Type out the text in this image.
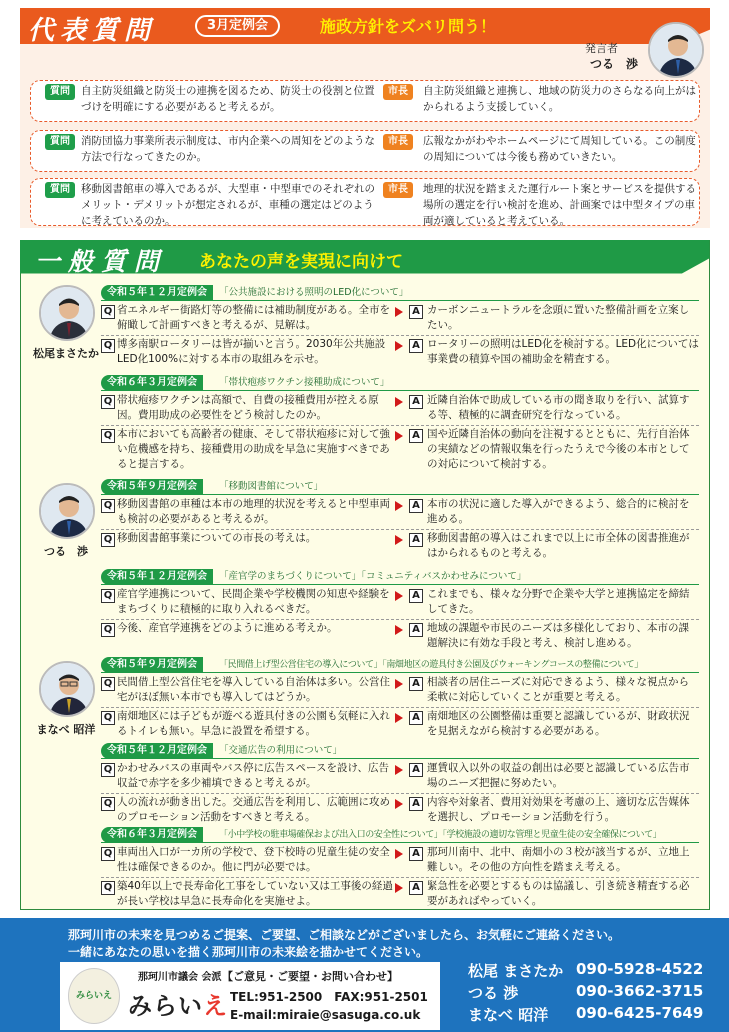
代表質問	3月定例会	施政方針をズバリ問う！
発言者
つる　渉
質問	自主防災組織と防災士の連携を図るため、防災士の役割と位置づけを明確にする必要があると考えるが。
市長	自主防災組織と連携し、地域の防災力のさらなる向上がはかられるよう支援していく。
質問	消防団協力事業所表示制度は、市内企業への周知をどのような方法で行なってきたのか。
市長	広報なかがわやホームページにて周知している。この制度の周知については今後も務めていきたい。
質問	移動図書館車の導入であるが、大型車・中型車でのそれぞれのメリット・デメリットが想定されるが、車種の選定はどのように考えているのか。
市長	地理的状況を踏まえた運行ルート案とサービスを提供する場所の選定を行い検討を進め、計画案では中型タイプの車両が適していると考えている。
一般質問 あなたの声を実現に向けて
松尾まさたか
令和５年１２月定例会	「公共施設における照明のLED化について」
Q 省エネルギー街路灯等の整備には補助制度がある。全市を俯瞰して計画すべきと考えるが、見解は。
A カーボンニュートラルを念頭に置いた整備計画を立案したい。
Q 博多南駅ロータリーは皆が揃いと言う。2030年公共施設LED化100%に対する本市の取組みを示せ。
A ロータリーの照明はLED化を検討する。LED化については事業費の積算や国の補助金を精査する。
令和６年３月定例会	「帯状疱疹ワクチン接種助成について」
Q 帯状疱疹ワクチンは高額で、自費の接種費用が控える原因。費用助成の必要性をどう検討したのか。
A 近隣自治体で助成している市の聞き取りを行い、試算する等、積極的に調査研究を行なっている。
Q 本市においても高齢者の健康、そして帯状疱疹に対して強い危機感を持ち、接種費用の助成を早急に実施すべきであると提言する。
A 国や近隣自治体の動向を注視するとともに、先行自治体の実績などの情報収集を行ったうえで今後の本市としての対応について検討する。
つる　渉
令和５年９月定例会	「移動図書館について」
Q 移動図書館の車種は本市の地理的状況を考えると中型車両も検討の必要があると考えるが。
A 本市の状況に適した導入ができるよう、総合的に検討を進める。
Q 移動図書館事業についての市長の考えは。	A 移動図書館の導入はこれまで以上に市全体の図書推進がはかられるものと考える。
令和５年１２月定例会	「産官学のまちづくりについて」「コミュニティバスかわせみについて」
Q 産官学連携について、民間企業や学校機関の知恵や経験をまちづくりに積極的に取り入れるべきだ。
A これまでも、様々な分野で企業や大学と連携協定を締結してきた。
Q 今後、産官学連携をどのように進める考えか。	A 地域の課題や市民のニーズは多様化しており、本市の課題解決に有効な手段と考え、検討し進める。
まなべ 昭洋
令和５年９月定例会	「民間借上げ型公営住宅の導入について」「南畑地区の遊具付き公園及びウォーキングコースの整備について」
Q 民間借上型公営住宅を導入している自治体は多い。公営住宅がほぼ無い本市でも導入してはどうか。
A 相談者の居住ニーズに対応できるよう、様々な視点から柔軟に対応していくことが重要と考える。
Q 南畑地区には子どもが遊べる遊具付きの公園も気軽に入れるトイレも無い。早急に設置を希望する。
A 南畑地区の公園整備は重要と認識しているが、財政状況を見据えながら検討する必要がある。
令和５年１２月定例会	「交通広告の利用について」
Q かわせみバスの車両やバス停に広告スペースを設け、広告収益で赤字を多少補填できると考えるが。
A 運賃収入以外の収益の創出は必要と認識している広告市場のニーズ把握に努めたい。
Q 人の流れが動き出した。交通広告を利用し、広範囲に攻めのプロモーション活動をすべきと考える。
A 内容や対象者、費用対効果を考慮の上、適切な広告媒体を選択し、プロモーション活動を行う。
令和６年３月定例会	「小中学校の駐車場確保および出入口の安全性について」「学校施設の適切な管理と児童生徒の安全確保について」
Q 車両出入口が一カ所の学校で、登下校時の児童生徒の安全性は確保できるのか。他に門が必要では。
A 那珂川南中、北中、南畑小の３校が該当するが、立地上難しい。その他の方向性を踏まえ考える。
Q 築40年以上で長寿命化工事をしていない又は工事後の経過が長い学校は早急に長寿命化を実施せよ。
A 緊急性を必要とするものは協議し、引き続き精査する必要があればやっていく。
那珂川市の未来を見つめるご提案、ご要望、ご相談などがございましたら、お気軽にご連絡ください。
一緒にあなたの思いを描く那珂川市の未来絵を描かせてください。
みらいえ
那珂川市議会 会派
みらいえ
【ご意見・ご要望・お問い合わせ】
TEL:951-2500　FAX:951-2501
E-mail:miraie@sasuga.co.uk
松尾 まさたか 090-5928-4522
つる 渉	090-3662-3715
まなべ 昭洋 090-6425-7649
